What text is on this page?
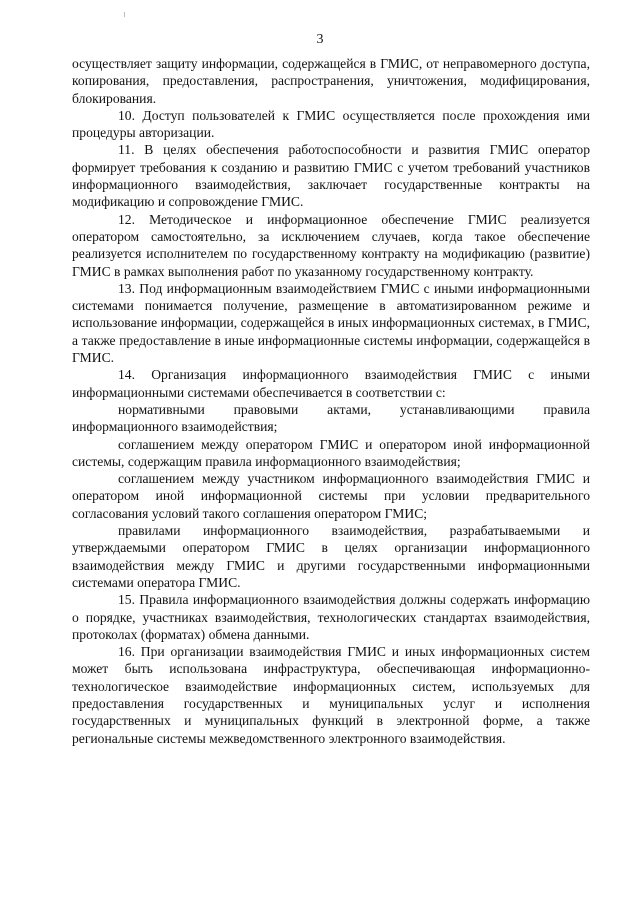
3

осуществляет защиту информации, содержащейся в ГМИС, от неправомерного доступа, копирования, предоставления, распространения, уничтожения, модифицирования, блокирования.

10. Доступ пользователей к ГМИС осуществляется после прохождения ими процедуры авторизации.

11. В целях обеспечения работоспособности и развития ГМИС оператор формирует требования к созданию и развитию ГМИС с учетом требований участников информационного взаимодействия, заключает государственные контракты на модификацию и сопровождение ГМИС.

12. Методическое и информационное обеспечение ГМИС реализуется оператором самостоятельно, за исключением случаев, когда такое обеспечение реализуется исполнителем по государственному контракту на модификацию (развитие) ГМИС в рамках выполнения работ по указанному государственному контракту.

13. Под информационным взаимодействием ГМИС с иными информационными системами понимается получение, размещение в автоматизированном режиме и использование информации, содержащейся в иных информационных системах, в ГМИС, а также предоставление в иные информационные системы информации, содержащейся в ГМИС.

14. Организация информационного взаимодействия ГМИС с иными информационными системами обеспечивается в соответствии с:

нормативными правовыми актами, устанавливающими правила информационного взаимодействия;

соглашением между оператором ГМИС и оператором иной информационной системы, содержащим правила информационного взаимодействия;

соглашением между участником информационного взаимодействия ГМИС и оператором иной информационной системы при условии предварительного согласования условий такого соглашения оператором ГМИС;

правилами информационного взаимодействия, разрабатываемыми и утверждаемыми оператором ГМИС в целях организации информационного взаимодействия между ГМИС и другими государственными информационными системами оператора ГМИС.

15. Правила информационного взаимодействия должны содержать информацию о порядке, участниках взаимодействия, технологических стандартах взаимодействия, протоколах (форматах) обмена данными.

16. При организации взаимодействия ГМИС и иных информационных систем может быть использована инфраструктура, обеспечивающая информационно-технологическое взаимодействие информационных систем, используемых для предоставления государственных и муниципальных услуг и исполнения государственных и муниципальных функций в электронной форме, а также региональные системы межведомственного электронного взаимодействия.
